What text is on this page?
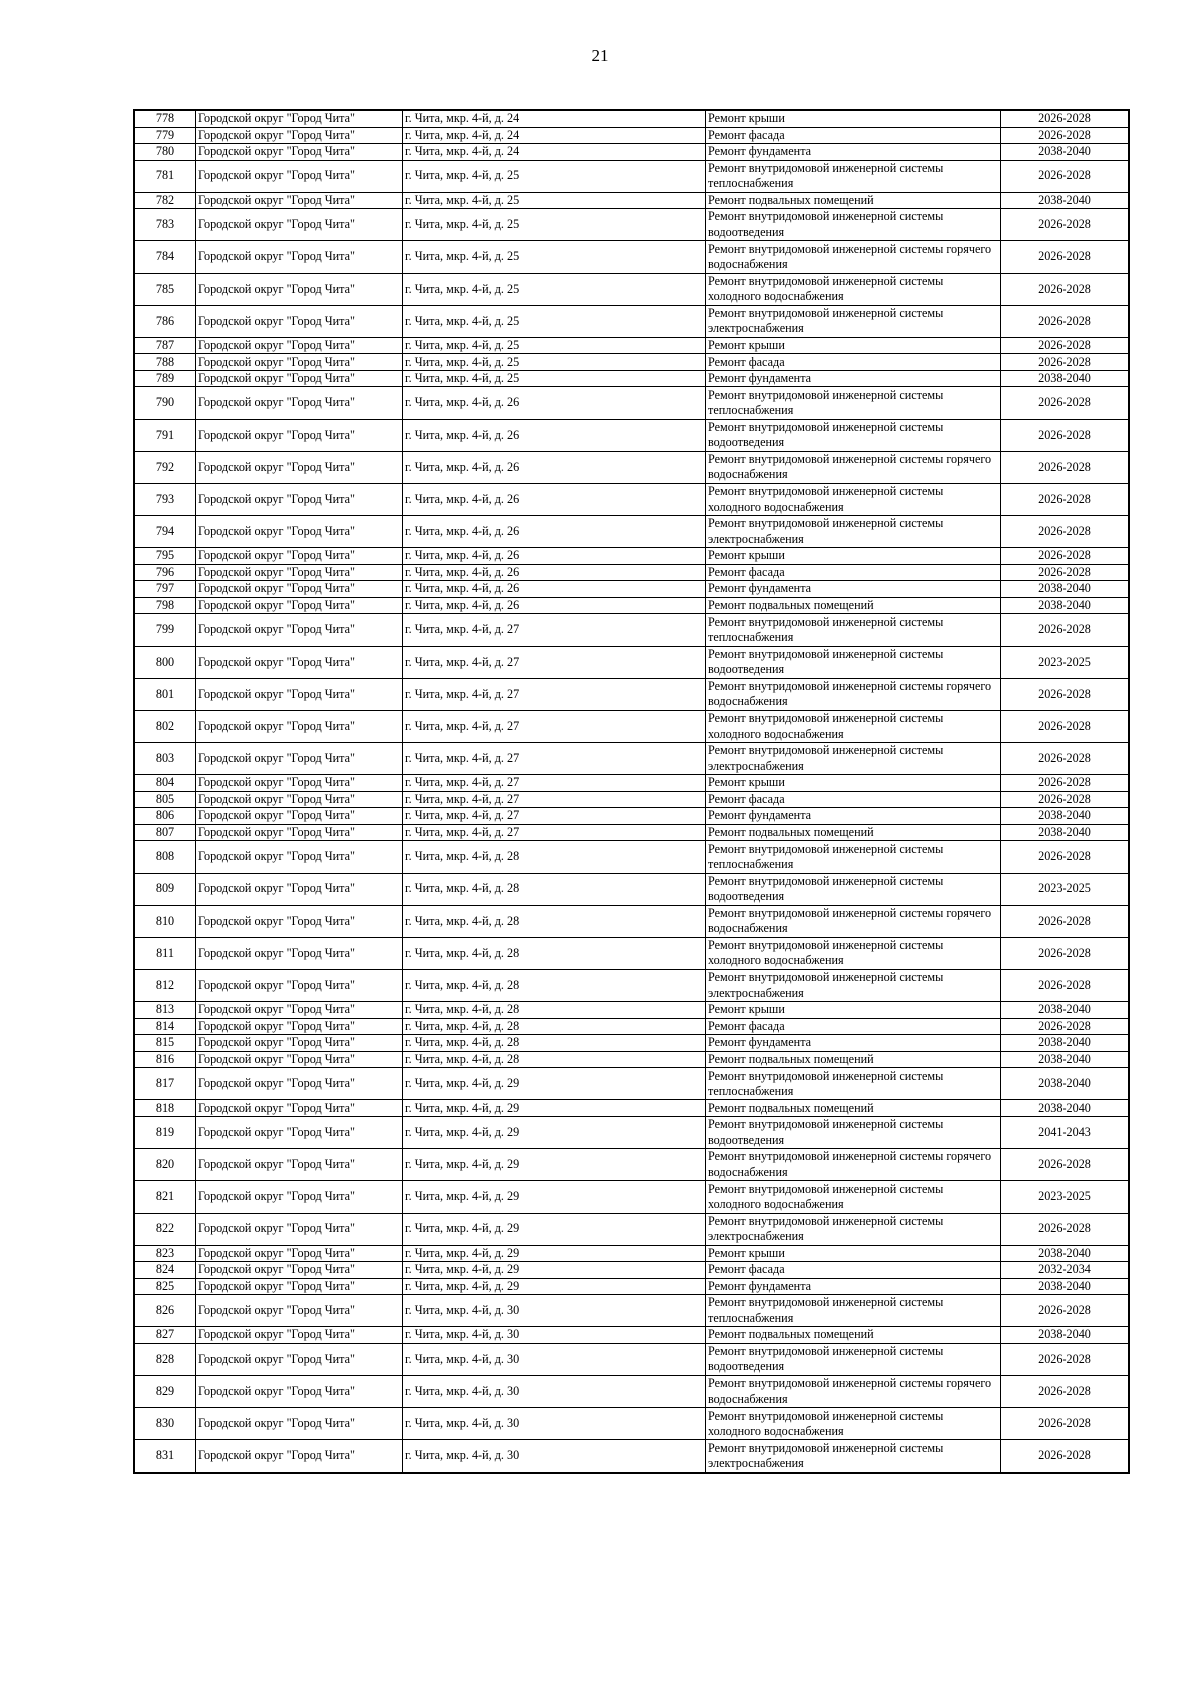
21
778	Городской округ "Город Чита"	г. Чита, мкр. 4-й, д. 24	Ремонт крыши	2026-2028
779	Городской округ "Город Чита"	г. Чита, мкр. 4-й, д. 24	Ремонт фасада	2026-2028
780	Городской округ "Город Чита"	г. Чита, мкр. 4-й, д. 24	Ремонт фундамента	2038-2040
781	Городской округ "Город Чита"	г. Чита, мкр. 4-й, д. 25	Ремонт внутридомовой инженерной системы теплоснабжения	2026-2028
782	Городской округ "Город Чита"	г. Чита, мкр. 4-й, д. 25	Ремонт подвальных помещений	2038-2040
783	Городской округ "Город Чита"	г. Чита, мкр. 4-й, д. 25	Ремонт внутридомовой инженерной системы водоотведения	2026-2028
784	Городской округ "Город Чита"	г. Чита, мкр. 4-й, д. 25	Ремонт внутридомовой инженерной системы горячего водоснабжения	2026-2028
785	Городской округ "Город Чита"	г. Чита, мкр. 4-й, д. 25	Ремонт внутридомовой инженерной системы холодного водоснабжения	2026-2028
786	Городской округ "Город Чита"	г. Чита, мкр. 4-й, д. 25	Ремонт внутридомовой инженерной системы электроснабжения	2026-2028
787	Городской округ "Город Чита"	г. Чита, мкр. 4-й, д. 25	Ремонт крыши	2026-2028
788	Городской округ "Город Чита"	г. Чита, мкр. 4-й, д. 25	Ремонт фасада	2026-2028
789	Городской округ "Город Чита"	г. Чита, мкр. 4-й, д. 25	Ремонт фундамента	2038-2040
790	Городской округ "Город Чита"	г. Чита, мкр. 4-й, д. 26	Ремонт внутридомовой инженерной системы теплоснабжения	2026-2028
791	Городской округ "Город Чита"	г. Чита, мкр. 4-й, д. 26	Ремонт внутридомовой инженерной системы водоотведения	2026-2028
792	Городской округ "Город Чита"	г. Чита, мкр. 4-й, д. 26	Ремонт внутридомовой инженерной системы горячего водоснабжения	2026-2028
793	Городской округ "Город Чита"	г. Чита, мкр. 4-й, д. 26	Ремонт внутридомовой инженерной системы холодного водоснабжения	2026-2028
794	Городской округ "Город Чита"	г. Чита, мкр. 4-й, д. 26	Ремонт внутридомовой инженерной системы электроснабжения	2026-2028
795	Городской округ "Город Чита"	г. Чита, мкр. 4-й, д. 26	Ремонт крыши	2026-2028
796	Городской округ "Город Чита"	г. Чита, мкр. 4-й, д. 26	Ремонт фасада	2026-2028
797	Городской округ "Город Чита"	г. Чита, мкр. 4-й, д. 26	Ремонт фундамента	2038-2040
798	Городской округ "Город Чита"	г. Чита, мкр. 4-й, д. 26	Ремонт подвальных помещений	2038-2040
799	Городской округ "Город Чита"	г. Чита, мкр. 4-й, д. 27	Ремонт внутридомовой инженерной системы теплоснабжения	2026-2028
800	Городской округ "Город Чита"	г. Чита, мкр. 4-й, д. 27	Ремонт внутридомовой инженерной системы водоотведения	2023-2025
801	Городской округ "Город Чита"	г. Чита, мкр. 4-й, д. 27	Ремонт внутридомовой инженерной системы горячего водоснабжения	2026-2028
802	Городской округ "Город Чита"	г. Чита, мкр. 4-й, д. 27	Ремонт внутридомовой инженерной системы холодного водоснабжения	2026-2028
803	Городской округ "Город Чита"	г. Чита, мкр. 4-й, д. 27	Ремонт внутридомовой инженерной системы электроснабжения	2026-2028
804	Городской округ "Город Чита"	г. Чита, мкр. 4-й, д. 27	Ремонт крыши	2026-2028
805	Городской округ "Город Чита"	г. Чита, мкр. 4-й, д. 27	Ремонт фасада	2026-2028
806	Городской округ "Город Чита"	г. Чита, мкр. 4-й, д. 27	Ремонт фундамента	2038-2040
807	Городской округ "Город Чита"	г. Чита, мкр. 4-й, д. 27	Ремонт подвальных помещений	2038-2040
808	Городской округ "Город Чита"	г. Чита, мкр. 4-й, д. 28	Ремонт внутридомовой инженерной системы теплоснабжения	2026-2028
809	Городской округ "Город Чита"	г. Чита, мкр. 4-й, д. 28	Ремонт внутридомовой инженерной системы водоотведения	2023-2025
810	Городской округ "Город Чита"	г. Чита, мкр. 4-й, д. 28	Ремонт внутридомовой инженерной системы горячего водоснабжения	2026-2028
811	Городской округ "Город Чита"	г. Чита, мкр. 4-й, д. 28	Ремонт внутридомовой инженерной системы холодного водоснабжения	2026-2028
812	Городской округ "Город Чита"	г. Чита, мкр. 4-й, д. 28	Ремонт внутридомовой инженерной системы электроснабжения	2026-2028
813	Городской округ "Город Чита"	г. Чита, мкр. 4-й, д. 28	Ремонт крыши	2038-2040
814	Городской округ "Город Чита"	г. Чита, мкр. 4-й, д. 28	Ремонт фасада	2026-2028
815	Городской округ "Город Чита"	г. Чита, мкр. 4-й, д. 28	Ремонт фундамента	2038-2040
816	Городской округ "Город Чита"	г. Чита, мкр. 4-й, д. 28	Ремонт подвальных помещений	2038-2040
817	Городской округ "Город Чита"	г. Чита, мкр. 4-й, д. 29	Ремонт внутридомовой инженерной системы теплоснабжения	2038-2040
818	Городской округ "Город Чита"	г. Чита, мкр. 4-й, д. 29	Ремонт подвальных помещений	2038-2040
819	Городской округ "Город Чита"	г. Чита, мкр. 4-й, д. 29	Ремонт внутридомовой инженерной системы водоотведения	2041-2043
820	Городской округ "Город Чита"	г. Чита, мкр. 4-й, д. 29	Ремонт внутридомовой инженерной системы горячего водоснабжения	2026-2028
821	Городской округ "Город Чита"	г. Чита, мкр. 4-й, д. 29	Ремонт внутридомовой инженерной системы холодного водоснабжения	2023-2025
822	Городской округ "Город Чита"	г. Чита, мкр. 4-й, д. 29	Ремонт внутридомовой инженерной системы электроснабжения	2026-2028
823	Городской округ "Город Чита"	г. Чита, мкр. 4-й, д. 29	Ремонт крыши	2038-2040
824	Городской округ "Город Чита"	г. Чита, мкр. 4-й, д. 29	Ремонт фасада	2032-2034
825	Городской округ "Город Чита"	г. Чита, мкр. 4-й, д. 29	Ремонт фундамента	2038-2040
826	Городской округ "Город Чита"	г. Чита, мкр. 4-й, д. 30	Ремонт внутридомовой инженерной системы теплоснабжения	2026-2028
827	Городской округ "Город Чита"	г. Чита, мкр. 4-й, д. 30	Ремонт подвальных помещений	2038-2040
828	Городской округ "Город Чита"	г. Чита, мкр. 4-й, д. 30	Ремонт внутридомовой инженерной системы водоотведения	2026-2028
829	Городской округ "Город Чита"	г. Чита, мкр. 4-й, д. 30	Ремонт внутридомовой инженерной системы горячего водоснабжения	2026-2028
830	Городской округ "Город Чита"	г. Чита, мкр. 4-й, д. 30	Ремонт внутридомовой инженерной системы холодного водоснабжения	2026-2028
831	Городской округ "Город Чита"	г. Чита, мкр. 4-й, д. 30	Ремонт внутридомовой инженерной системы электроснабжения	2026-2028
